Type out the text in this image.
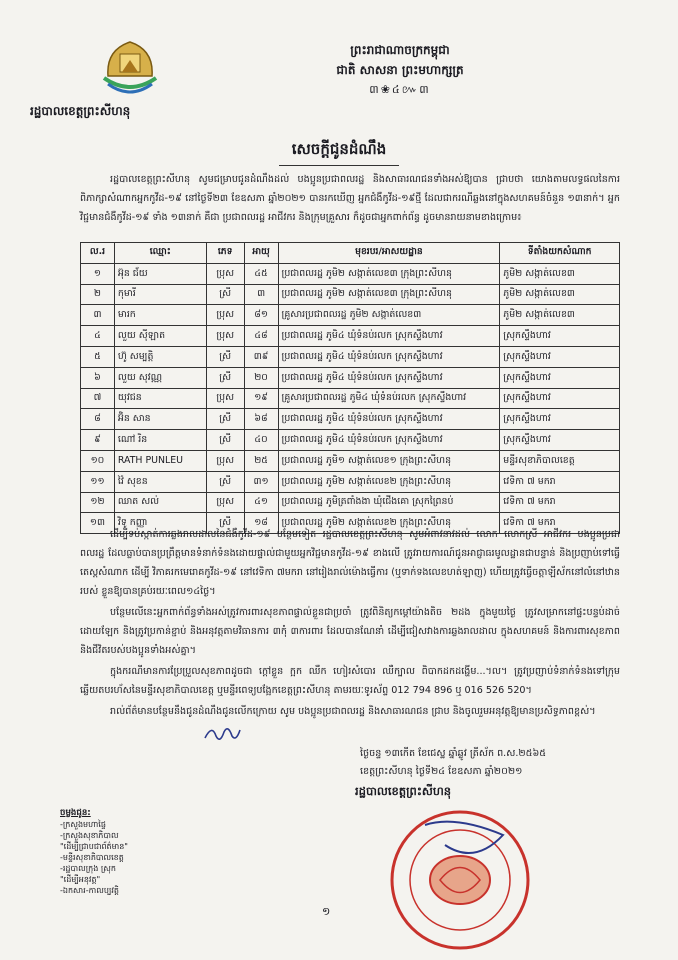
រដ្ឋបាលខេត្តព្រះសីហនុ
ព្រះរាជាណាចក្រកម្ពុជា
ជាតិ សាសនា ព្រះមហាក្សត្រ
៣❀៤៚៣
សេចក្តីជូនដំណឹង
រដ្ឋបាលខេត្តព្រះសីហនុ សូមជម្រាបជូនដំណឹងដល់ បងប្អូនប្រជាពលរដ្ឋ និងសាធារណជនទាំងអស់ឱ្យបាន ជ្រាបថា យោងតាមលទ្ធផលនៃការពិភាក្សាសំណាកអ្នកកូវីដ-១៩ នៅថ្ងៃទី២៣ ខែឧសភា ឆ្នាំ២០២១ បានរកឃើញ អ្នកជំងឺកូវីដ-១៩ថ្មី ដែលជាករណីឆ្លងនៅក្នុងសហគមន៍ចំនួន ១៣នាក់។ អ្នកវិជ្ជមានជំងឺកូវីដ-១៩ ទាំង ១៣នាក់ គឺជា ប្រជាពលរដ្ឋ អាជីវករ និងក្រុមគ្រួសារ ក៏ដូចជាអ្នកពាក់ព័ន្ធ ដូចមានរាយនាមខាងក្រោម៖
ល.រ	ឈ្មោះ	ភេទ	អាយុ	មុខរបរ/អាសយដ្ឋាន	ទីតាំងយកសំណាក
១	អ៊ុន ជ័យ	ប្រុស	៤៥	ប្រជាពលរដ្ឋ ភូមិ២ សង្កាត់លេខ៣ ក្រុងព្រះសីហនុ	ភូមិ២ សង្កាត់លេខ៣
២	កុមារី	ស្រី	៣	ប្រជាពលរដ្ឋ ភូមិ២ សង្កាត់លេខ៣ ក្រុងព្រះសីហនុ	ភូមិ២ សង្កាត់លេខ៣
៣	មារក	ប្រុស	៨១	គ្រូសារប្រជាពលរដ្ឋ ភូមិ២ សង្កាត់លេខ៣	ភូមិ២ សង្កាត់លេខ៣
៤	លួយ ស៊ីឡាត	ប្រុស	៤៨	ប្រជាពលរដ្ឋ ភូមិ៤ ឃុំទំនប់រលក ស្រុកស្ទឹងហាវ	ស្រុកស្ទឹងហាវ
៥	ហ៊ូ សម្បត្តិ	ស្រី	៣៩	ប្រជាពលរដ្ឋ ភូមិ៤ ឃុំទំនប់រលក ស្រុកស្ទឹងហាវ	ស្រុកស្ទឹងហាវ
៦	លួយ សុវណ្ណ	ស្រី	២០	ប្រជាពលរដ្ឋ ភូមិ៤ ឃុំទំនប់រលក ស្រុកស្ទឹងហាវ	ស្រុកស្ទឹងហាវ
៧	យុវជន	ប្រុស	១៩	គ្រូសារប្រជាពលរដ្ឋ ភូមិ៤ ឃុំទំនប់រលក ស្រុកស្ទឹងហាវ	ស្រុកស្ទឹងហាវ
៨	អ៊ិន សាន	ស្រី	៦៨	ប្រជាពលរដ្ឋ ភូមិ៤ ឃុំទំនប់រលក ស្រុកស្ទឹងហាវ	ស្រុកស្ទឹងហាវ
៩	ណៅ រិន	ស្រី	៤០	ប្រជាពលរដ្ឋ ភូមិ៤ ឃុំទំនប់រលក ស្រុកស្ទឹងហាវ	ស្រុកស្ទឹងហាវ
១០	RATH PUNLEU	ប្រុស	២៥	ប្រជាពលរដ្ឋ ភូមិ១ សង្កាត់លេខ១ ក្រុងព្រះសីហនុ	មន្ទីរសុខាភិបាលខេត្ត
១១	វ៉ៃ សុខន	ស្រី	៣១	ប្រជាពលរដ្ឋ ភូមិ២ សង្កាត់លេខ២ ក្រុងព្រះសីហនុ	វេទិកា ៧ មករា
១២	ឈាត សល់	ប្រុស	៤១	ប្រជាពលរដ្ឋ ភូមិត្រពាំងងា ឃុំជើងគោ ស្រុកព្រៃនប់	វេទិកា ៧ មករា
១៣	វិទូ កញ្ញា	ស្រី	១៨	ប្រជាពលរដ្ឋ ភូមិ២ សង្កាត់លេខ២ ក្រុងព្រះសីហនុ	វេទិកា ៧ មករា

ដើម្បីទប់ស្កាត់ការឆ្លងរាលដាលនៃជំងឺកូវីដ-១៩ បន្ថែមទៀត រដ្ឋបាលខេត្តព្រះសីហនុ សូមអំពាវនាវដល់ លោក លោកស្រី អាជីវករ បងប្អូនប្រជាពលរដ្ឋ ដែលធ្លាប់បានប្រព្រឹត្តមានទំនាក់ទំនងដោយផ្ទាល់ជាមួយអ្នកវិជ្ជមានកូវីដ-១៩ ខាងលើ ត្រូវរាយការណ៍ជូនអាជ្ញាធរមូលដ្ឋានជាបន្ទាន់ និងប្រញាប់ទៅធ្វើតេស្តសំណាក ដើម្បី វិភាគរកមេរោគកូវីដ-១៩ នៅវេទិកា ៧មករា នៅរៀងរាល់ម៉ោងធ្វើការ (ឬទាក់ទងលេខហត់ឡាញ) ហើយត្រូវធ្វើចត្តាឡីស័កនៅលំនៅឋានរបស់ ខ្លួនឱ្យបានគ្រប់រយៈពេល១៤ថ្ងៃ។

បន្ថែមលើនេះអ្នកពាក់ព័ន្ធទាំងអស់ត្រូវការពារសុខភាពផ្ទាល់ខ្លួនជាប្រចាំ ត្រូវពិនិត្យកម្ដៅយ៉ាងតិច ២ដង ក្នុងមួយថ្ងៃ ត្រូវសម្រាកនៅផ្ទះបន្ទប់ដាច់ដោយឡែក និងត្រូវប្រកាន់ខ្ជាប់ និងអនុវត្តតាមវិធានការ ៣កុំ ៣ការពារ ដែលបានណែនាំ ដើម្បីជៀសវាងការឆ្លងរាលដាល ក្នុងសហគមន៍ និងការពារសុខភាព និងជីវិតរបស់បងប្អូនទាំងអស់គ្នា។

ក្នុងករណីមានការប្រែប្រួលសុខភាពដូចជា ក្តៅខ្លួន ក្អក ឈឺក ហៀរសំបោរ ឈឺក្បាល ពិបាកដកដង្ហើម...។ល។ ត្រូវប្រញាប់ទំនាក់ទំនងទៅក្រុមឆ្លើយតបរហ័សនៃមន្ទីរសុខាភិបាលខេត្ត ឬមន្ទីរពេទ្យបង្អែកខេត្តព្រះសីហនុ តាមរយៈទូរស័ព្ទ 012 794 896 ឬ 016 526 520។

រាល់ព័ត៌មានបន្ថែមនឹងជូនដំណឹងជូនលើកក្រោយ សូម បងប្អូនប្រជាពលរដ្ឋ និងសាធារណជន ជ្រាប និងចូលរួមអនុវត្តឱ្យមានប្រសិទ្ធភាពខ្ពស់។

ថ្ងៃចន្ទ ១៣កើត ខែជេស្ឋ ឆ្នាំឆ្លូវ ត្រីស័ក ព.ស.២៥៦៥
ខេត្តព្រះសីហនុ ថ្ងៃទី២៤ ខែឧសភា ឆ្នាំ២០២១
រដ្ឋបាលខេត្តព្រះសីហនុ
ចម្លងជូន:
-ក្រសួងមហាផ្ទៃ
-ក្រសួងសុខាភិបាល
"ដើម្បីជ្រាបជាព័ត៌មាន"
-មន្ទីរសុខាភិបាលខេត្ត
-រដ្ឋបាលក្រុង ស្រុក
"ដើម្បីអនុវត្ត"
-ឯកសារ-កាលប្បវត្តិ
១
